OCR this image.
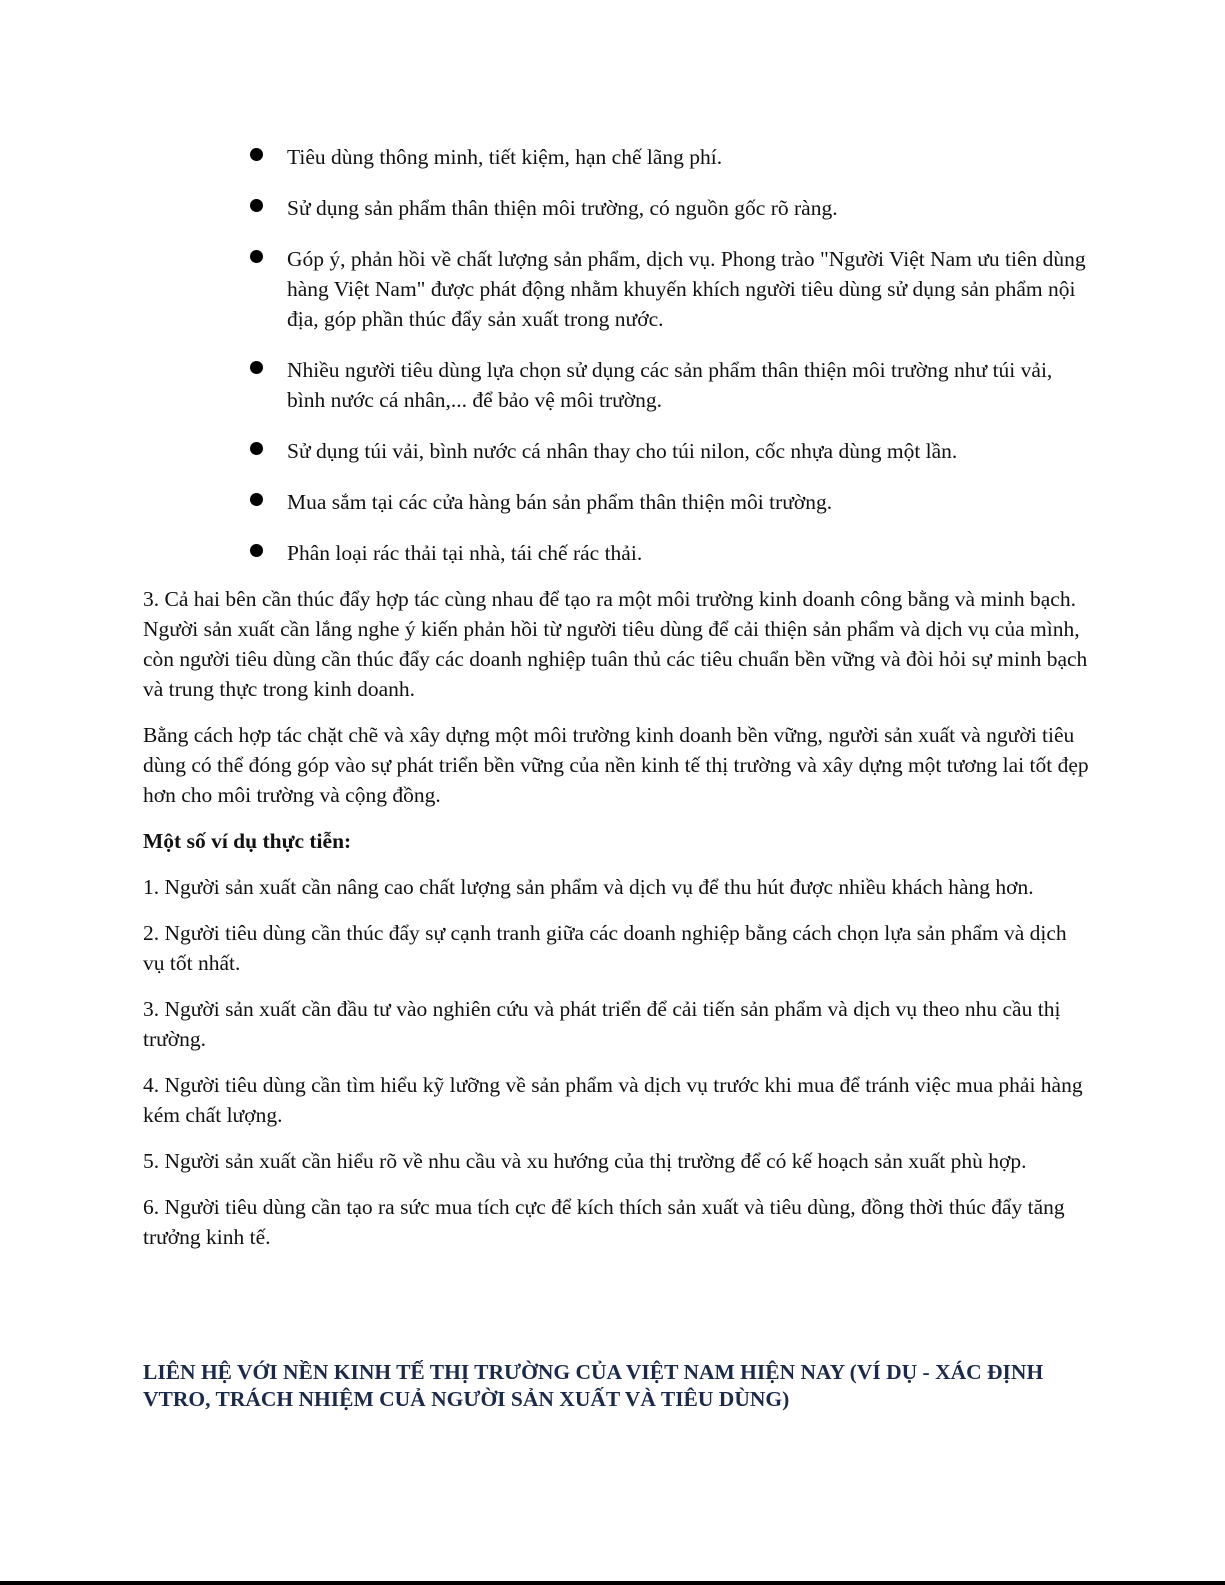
Tiêu dùng thông minh, tiết kiệm, hạn chế lãng phí.
Sử dụng sản phẩm thân thiện môi trường, có nguồn gốc rõ ràng.
Góp ý, phản hồi về chất lượng sản phẩm, dịch vụ. Phong trào "Người Việt Nam ưu tiên dùng hàng Việt Nam" được phát động nhằm khuyến khích người tiêu dùng sử dụng sản phẩm nội địa, góp phần thúc đẩy sản xuất trong nước.
Nhiều người tiêu dùng lựa chọn sử dụng các sản phẩm thân thiện môi trường như túi vải, bình nước cá nhân,... để bảo vệ môi trường.
Sử dụng túi vải, bình nước cá nhân thay cho túi nilon, cốc nhựa dùng một lần.
Mua sắm tại các cửa hàng bán sản phẩm thân thiện môi trường.
Phân loại rác thải tại nhà, tái chế rác thải.

3. Cả hai bên cần thúc đẩy hợp tác cùng nhau để tạo ra một môi trường kinh doanh công bằng và minh bạch. Người sản xuất cần lắng nghe ý kiến phản hồi từ người tiêu dùng để cải thiện sản phẩm và dịch vụ của mình, còn người tiêu dùng cần thúc đẩy các doanh nghiệp tuân thủ các tiêu chuẩn bền vững và đòi hỏi sự minh bạch và trung thực trong kinh doanh.

Bằng cách hợp tác chặt chẽ và xây dựng một môi trường kinh doanh bền vững, người sản xuất và người tiêu dùng có thể đóng góp vào sự phát triển bền vững của nền kinh tế thị trường và xây dựng một tương lai tốt đẹp hơn cho môi trường và cộng đồng.

Một số ví dụ thực tiễn:

1. Người sản xuất cần nâng cao chất lượng sản phẩm và dịch vụ để thu hút được nhiều khách hàng hơn.

2. Người tiêu dùng cần thúc đẩy sự cạnh tranh giữa các doanh nghiệp bằng cách chọn lựa sản phẩm và dịch vụ tốt nhất.

3. Người sản xuất cần đầu tư vào nghiên cứu và phát triển để cải tiến sản phẩm và dịch vụ theo nhu cầu thị trường.

4. Người tiêu dùng cần tìm hiểu kỹ lưỡng về sản phẩm và dịch vụ trước khi mua để tránh việc mua phải hàng kém chất lượng.

5. Người sản xuất cần hiểu rõ về nhu cầu và xu hướng của thị trường để có kế hoạch sản xuất phù hợp.

6. Người tiêu dùng cần tạo ra sức mua tích cực để kích thích sản xuất và tiêu dùng, đồng thời thúc đẩy tăng trưởng kinh tế.

LIÊN HỆ VỚI NỀN KINH TẾ THỊ TRƯỜNG CỦA VIỆT NAM HIỆN NAY (VÍ DỤ - XÁC ĐỊNH VTRO, TRÁCH NHIỆM CUẢ NGƯỜI SẢN XUẤT VÀ TIÊU DÙNG)
